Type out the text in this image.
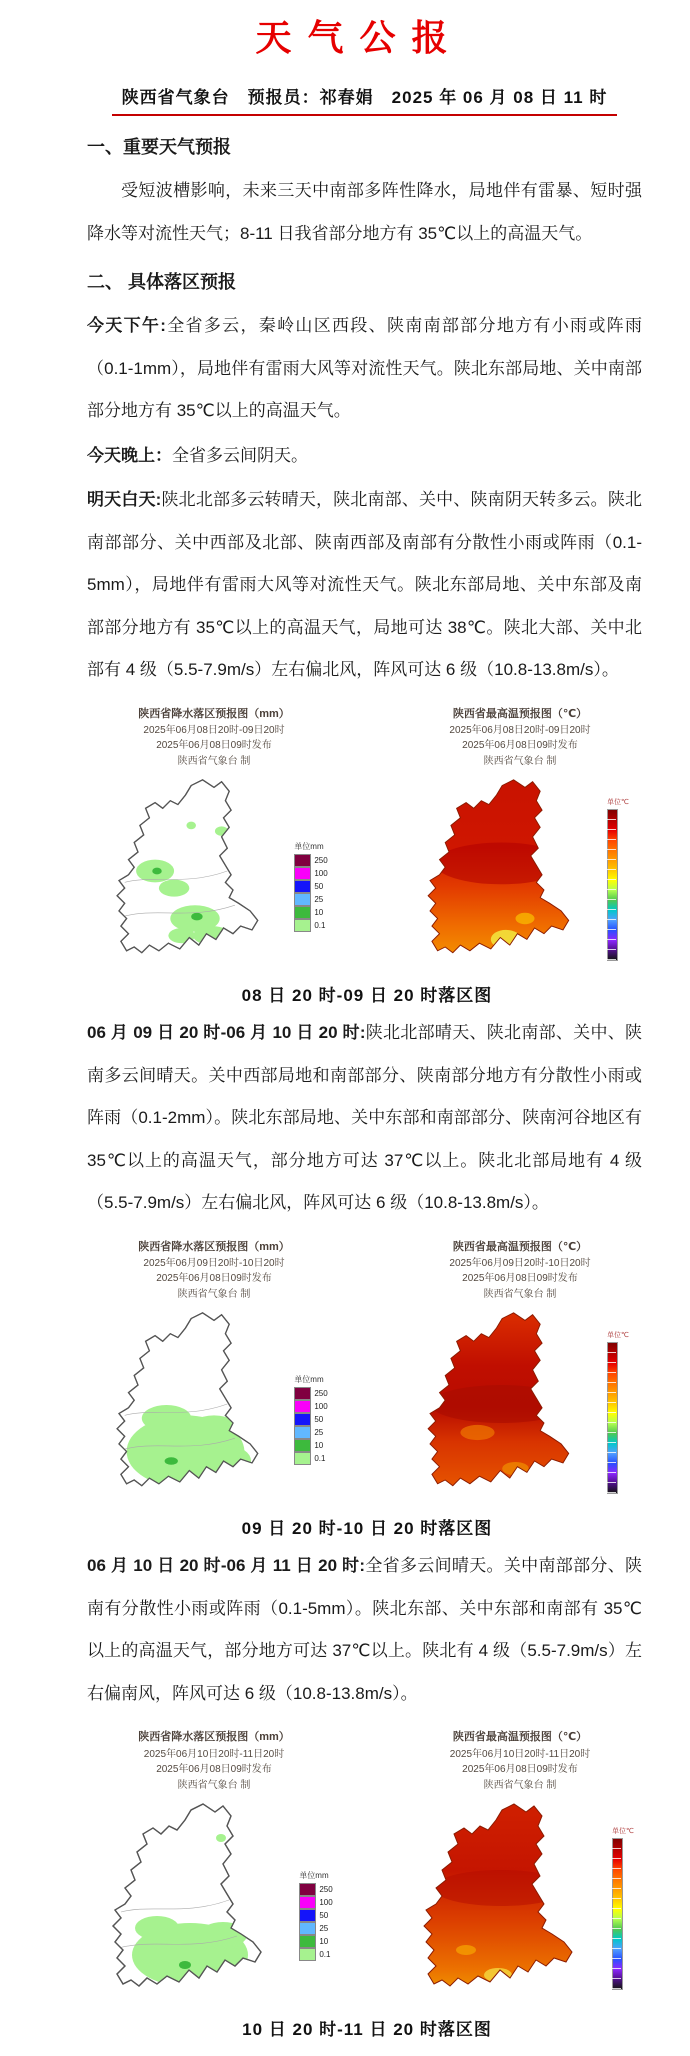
天气公报
陕西省气象台　预报员：祁春娟　2025 年 06 月 08 日 11 时
一、重要天气预报

受短波槽影响，未来三天中南部多阵性降水，局地伴有雷暴、短时强降水等对流性天气；8-11 日我省部分地方有 35℃以上的高温天气。

二、 具体落区预报

今天下午:全省多云，秦岭山区西段、陕南南部部分地方有小雨或阵雨（0.1-1mm），局地伴有雷雨大风等对流性天气。陕北东部局地、关中南部部分地方有 35℃以上的高温天气。

今天晚上：全省多云间阴天。

明天白天:陕北北部多云转晴天，陕北南部、关中、陕南阴天转多云。陕北南部部分、关中西部及北部、陕南西部及南部有分散性小雨或阵雨（0.1-5mm），局地伴有雷雨大风等对流性天气。陕北东部局地、关中东部及南部部分地方有 35℃以上的高温天气，局地可达 38℃。陕北大部、关中北部有 4 级（5.5-7.9m/s）左右偏北风，阵风可达 6 级（10.8-13.8m/s）。

陕西省降水落区预报图（mm）
2025年06月08日20时-09日20时
2025年06月08日09时发布
陕西省气象台 制
单位mm
250
100
50
25
10
0.1
陕西省最高温预报图（℃）
2025年06月08日20时-09日20时
2025年06月08日09时发布
陕西省气象台 制
单位℃
08 日 20 时-09 日 20 时落区图

06 月 09 日 20 时-06 月 10 日 20 时:陕北北部晴天、陕北南部、关中、陕南多云间晴天。关中西部局地和南部部分、陕南部分地方有分散性小雨或阵雨（0.1-2mm）。陕北东部局地、关中东部和南部部分、陕南河谷地区有 35℃以上的高温天气，部分地方可达 37℃以上。陕北北部局地有 4 级（5.5-7.9m/s）左右偏北风，阵风可达 6 级（10.8-13.8m/s）。

陕西省降水落区预报图（mm）
2025年06月09日20时-10日20时
2025年06月08日09时发布
陕西省气象台 制
单位mm
250
100
50
25
10
0.1
陕西省最高温预报图（℃）
2025年06月09日20时-10日20时
2025年06月08日09时发布
陕西省气象台 制
单位℃
09 日 20 时-10 日 20 时落区图

06 月 10 日 20 时-06 月 11 日 20 时:全省多云间晴天。关中南部部分、陕南有分散性小雨或阵雨（0.1-5mm）。陕北东部、关中东部和南部有 35℃以上的高温天气，部分地方可达 37℃以上。陕北有 4 级（5.5-7.9m/s）左右偏南风，阵风可达 6 级（10.8-13.8m/s）。

陕西省降水落区预报图（mm）
2025年06月10日20时-11日20时
2025年06月08日09时发布
陕西省气象台 制
单位mm
250
100
50
25
10
0.1
陕西省最高温预报图（℃）
2025年06月10日20时-11日20时
2025年06月08日09时发布
陕西省气象台 制
单位℃
10 日 20 时-11 日 20 时落区图
